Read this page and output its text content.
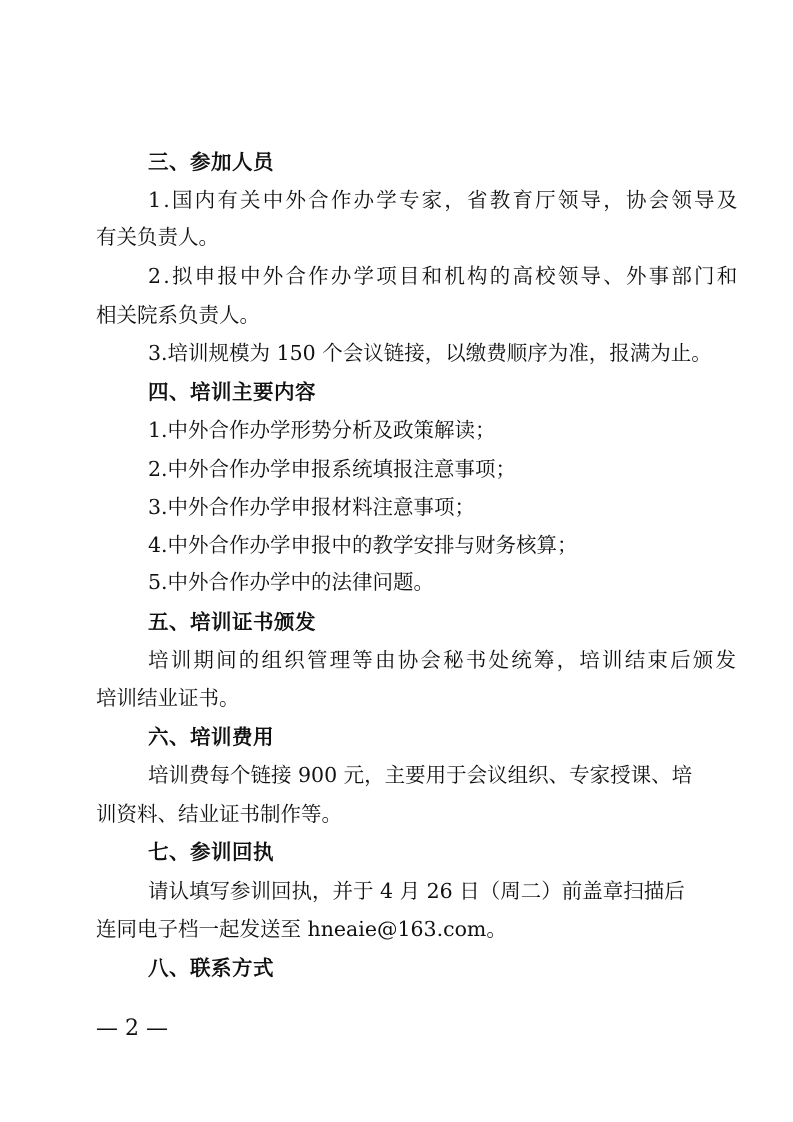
三、参加人员
1.国内有关中外合作办学专家，省教育厅领导，协会领导及
有关负责人。
2.拟申报中外合作办学项目和机构的高校领导、外事部门和
相关院系负责人。
3.培训规模为 150 个会议链接，以缴费顺序为准，报满为止。
四、培训主要内容
1.中外合作办学形势分析及政策解读；
2.中外合作办学申报系统填报注意事项；
3.中外合作办学申报材料注意事项；
4.中外合作办学申报中的教学安排与财务核算；
5.中外合作办学中的法律问题。
五、培训证书颁发
培训期间的组织管理等由协会秘书处统筹，培训结束后颁发
培训结业证书。
六、培训费用
培训费每个链接 900 元，主要用于会议组织、专家授课、培
训资料、结业证书制作等。
七、参训回执
请认填写参训回执，并于 4 月 26 日（周二）前盖章扫描后
连同电子档一起发送至 hneaie@163.com。
八、联系方式
— 2 —
